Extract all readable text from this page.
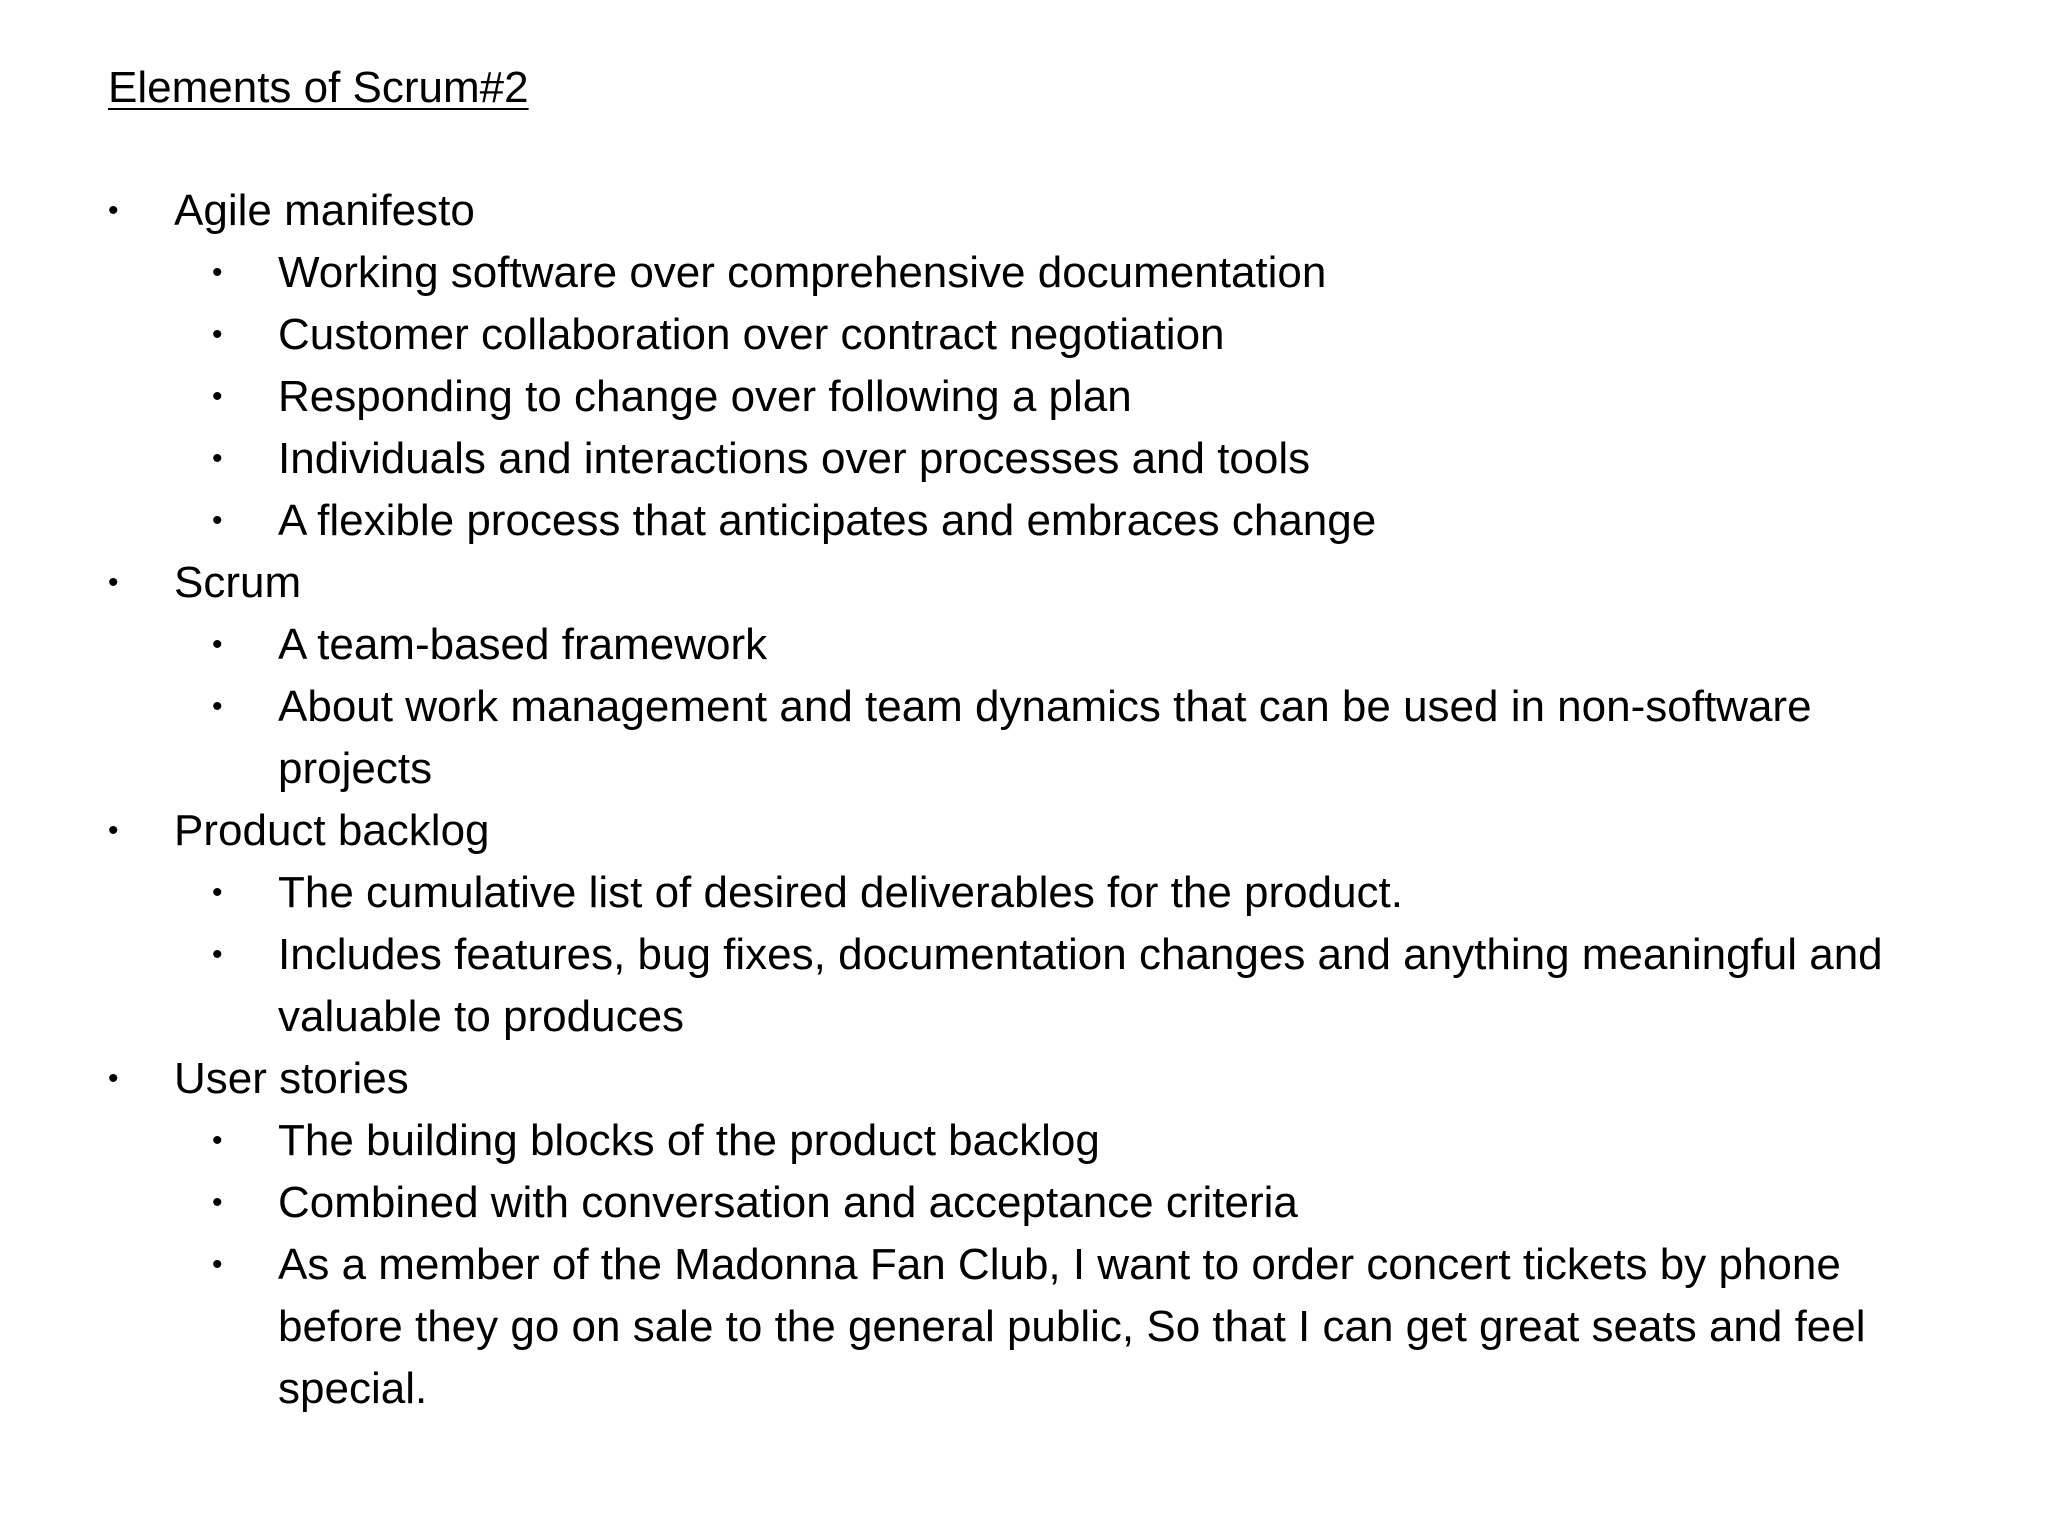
Elements of Scrum#2
• Agile manifesto
• Working software over comprehensive documentation
• Customer collaboration over contract negotiation
• Responding to change over following a plan
• Individuals and interactions over processes and tools
• A flexible process that anticipates and embraces change
• Scrum
• A team-based framework
• About work management and team dynamics that can be used in non-software projects
• Product backlog
• The cumulative list of desired deliverables for the product.
• Includes features, bug fixes, documentation changes and anything meaningful and valuable to produces
• User stories
• The building blocks of the product backlog
• Combined with conversation and acceptance criteria
• As a member of the Madonna Fan Club, I want to order concert tickets by phone before they go on sale to the general public, So that I can get great seats and feel special.
